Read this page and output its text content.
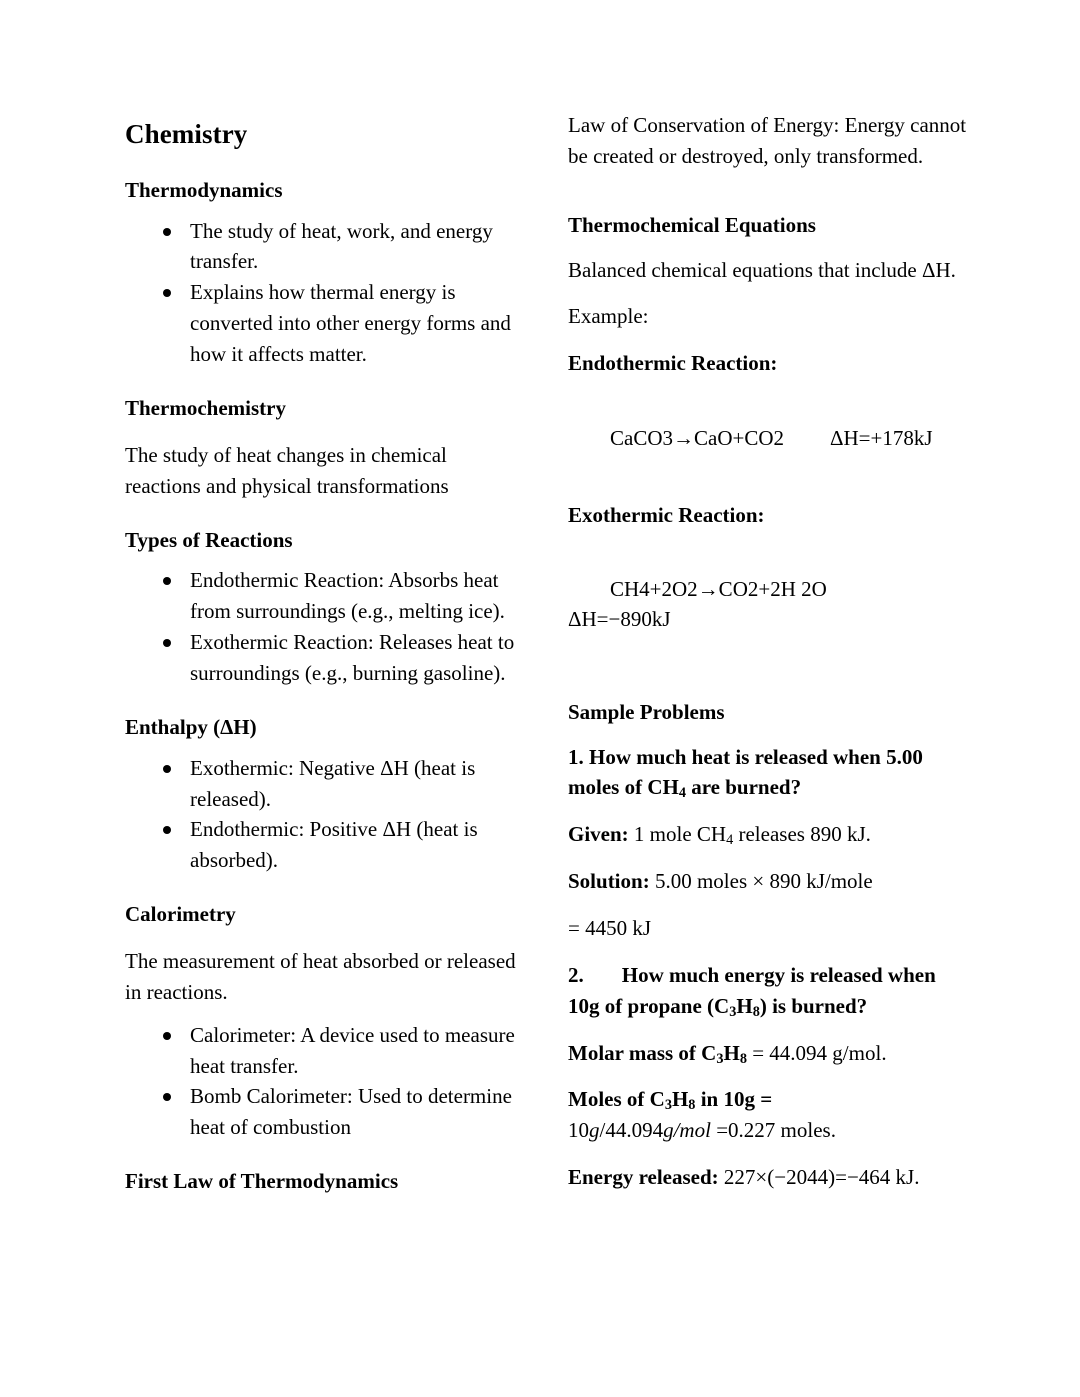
Chemistry
Thermodynamics
The study of heat, work, and energy transfer.
Explains how thermal energy is converted into other energy forms and how it affects matter.
Thermochemistry

The study of heat changes in chemical reactions and physical transformations

Types of Reactions
Endothermic Reaction: Absorbs heat from surroundings (e.g., melting ice).
Exothermic Reaction: Releases heat to surroundings (e.g., burning gasoline).
Enthalpy (ΔH)
Exothermic: Negative ΔH (heat is released).
Endothermic: Positive ΔH (heat is absorbed).
Calorimetry

The measurement of heat absorbed or released in reactions.

Calorimeter: A device used to measure heat transfer.
Bomb Calorimeter: Used to determine heat of combustion
First Law of Thermodynamics

Law of Conservation of Energy: Energy cannot be created or destroyed, only transformed.

Thermochemical Equations

Balanced chemical equations that include ΔH.

Example:

Endothermic Reaction:

CaCO3→CaO+CO2 ΔH=+178kJ

Exothermic Reaction:

CH4+2O2→CO2+2H 2O
ΔH=−890kJ

Sample Problems

1. How much heat is released when 5.00 moles of $CH_4$ are burned?

Given: 1 mole $CH_4$ releases 890 kJ.

Solution: 5.00 moles × 890 kJ/mole

= 4450 kJ

2. How much energy is released when 10g of propane $(C_3H_8)$ is burned?

Molar mass of $C_3H_8 = 44.094$ g/mol.

Moles of $C_3H_8$ in 10g =
10g/44.094g/mol =0.227 moles.

Energy released: 227×(−2044)=−464 kJ.
